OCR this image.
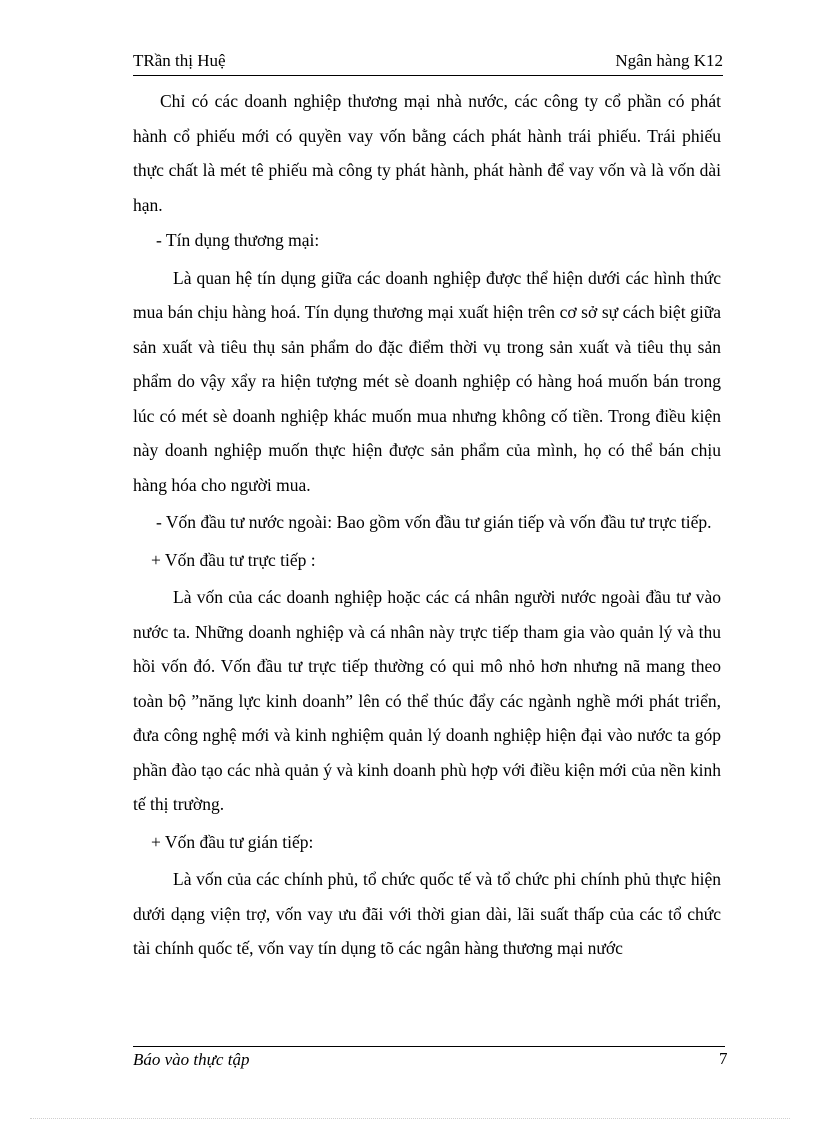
TRần thị Huệ	Ngân hàng K12

Chỉ có các doanh nghiệp thương mại nhà nước, các công ty cổ phần có phát hành cổ phiếu mới có quyền vay vốn bằng cách phát hành trái phiếu. Trái phiếu thực chất là mét tê phiếu mà công ty phát hành, phát hành để vay vốn và là vốn dài hạn.

- Tín dụng thương mại:

Là quan hệ tín dụng giữa các doanh nghiệp được thể hiện dưới các hình thức mua bán chịu hàng hoá. Tín dụng thương mại xuất hiện trên cơ sở sự cách biệt giữa sản xuất và tiêu thụ sản phẩm do đặc điểm thời vụ trong sản xuất và tiêu thụ sản phẩm do vậy xẩy ra hiện tượng mét sè doanh nghiệp có hàng hoá muốn bán trong lúc có mét sè doanh nghiệp khác muốn mua nhưng không cố tiền. Trong điều kiện này doanh nghiệp muốn thực hiện được sản phẩm của mình, họ có thể bán chịu hàng hóa cho người mua.

- Vốn đầu tư nước ngoài: Bao gồm vốn đầu tư gián tiếp và vốn đầu tư trực tiếp.

+ Vốn đầu tư trực tiếp :

Là vốn của các doanh nghiệp hoặc các cá nhân người nước ngoài đầu tư vào nước ta. Những doanh nghiệp và cá nhân này trực tiếp tham gia vào quản lý và thu hồi vốn đó. Vốn đầu tư trực tiếp thường có qui mô nhỏ hơn nhưng nã mang theo toàn bộ ”năng lực kinh doanh” lên có thể thúc đẩy các ngành nghề mới phát triển, đưa công nghệ mới và kinh nghiệm quản lý doanh nghiệp hiện đại vào nước ta góp phần đào tạo các nhà quản ý và kinh doanh phù hợp với điều kiện mới của nền kinh tế thị trường.

+ Vốn đầu tư gián tiếp:

Là vốn của các chính phủ, tổ chức quốc tế và tổ chức phi chính phủ thực hiện dưới dạng viện trợ, vốn vay ưu đãi với thời gian dài, lãi suất thấp của các tổ chức tài chính quốc tế, vốn vay tín dụng tõ các ngân hàng thương mại nước

Báo vào thực tập	7
